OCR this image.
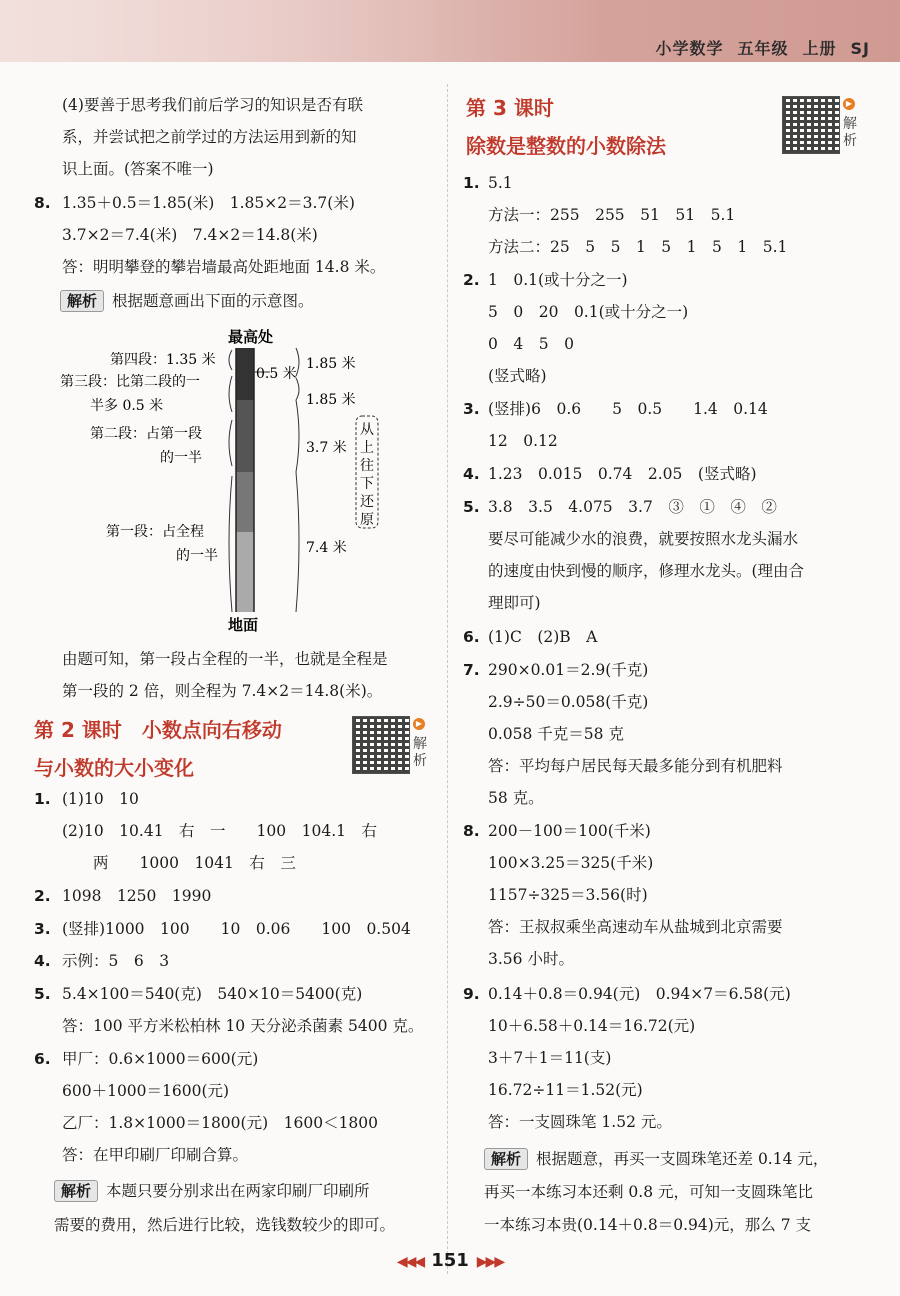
小学数学 五年级 上册 SJ
(4)要善于思考我们前后学习的知识是否有联
系，并尝试把之前学过的方法运用到新的知
识上面。(答案不唯一)
8. 1.35＋0.5＝1.85(米)　1.85×2＝3.7(米)
3.7×2＝7.4(米)　7.4×2＝14.8(米)
答：明明攀登的攀岩墙最高处距地面 14.8 米。
解析 根据题意画出下面的示意图。
最高处
地面
第四段：1.35 米
第三段：比第二段的一
半多 0.5 米
第二段：占第一段
的一半
第一段：占全程
的一半
1.85 米
0.5 米
1.85 米
3.7 米
7.4 米
从
上
往
下
还
原
由题可知，第一段占全程的一半，也就是全程是
第一段的 2 倍，则全程为 7.4×2＝14.8(米)。
第 2 课时　小数点向右移动
与小数的大小变化
▶
解析
1. (1)10　10
(2)10　10.41　右　一　　100　104.1　右
　　两　　1000　1041　右　三
2. 1098　1250　1990
3. (竖排)1000　100　　10　0.06　　100　0.504
4. 示例：5　6　3
5. 5.4×100＝540(克)　540×10＝5400(克)
答：100 平方米松柏林 10 天分泌杀菌素 5400 克。
6. 甲厂：0.6×1000＝600(元)
600＋1000＝1600(元)
乙厂：1.8×1000＝1800(元)　1600＜1800
答：在甲印刷厂印刷合算。
解析 本题只要分别求出在两家印刷厂印刷所
需要的费用，然后进行比较，选钱数较少的即可。
第 3 课时
除数是整数的小数除法
▶
解析
1. 5.1
方法一：255　255　51　51　5.1
方法二：25　5　5　1　5　1　5　1　5.1
2. 1　0.1(或十分之一)
5　0　20　0.1(或十分之一)
0　4　5　0
(竖式略)
3. (竖排)6　0.6　　5　0.5　　1.4　0.14
12　0.12
4. 1.23　0.015　0.74　2.05　(竖式略)
5. 3.8　3.5　4.075　3.7　③　①　④　②
要尽可能减少水的浪费，就要按照水龙头漏水
的速度由快到慢的顺序，修理水龙头。(理由合
理即可)
6. (1)C　(2)B　A
7. 290×0.01＝2.9(千克)
2.9÷50＝0.058(千克)
0.058 千克＝58 克
答：平均每户居民每天最多能分到有机肥料
58 克。
8. 200－100＝100(千米)
100×3.25＝325(千米)
1157÷325＝3.56(时)
答：王叔叔乘坐高速动车从盐城到北京需要
3.56 小时。
9. 0.14＋0.8＝0.94(元)　0.94×7＝6.58(元)
10＋6.58＋0.14＝16.72(元)
3＋7＋1＝11(支)
16.72÷11＝1.52(元)
答：一支圆珠笔 1.52 元。
解析 根据题意，再买一支圆珠笔还差 0.14 元，
再买一本练习本还剩 0.8 元，可知一支圆珠笔比
一本练习本贵(0.14＋0.8＝0.94)元，那么 7 支
◀◀◀ 151 ▶▶▶
